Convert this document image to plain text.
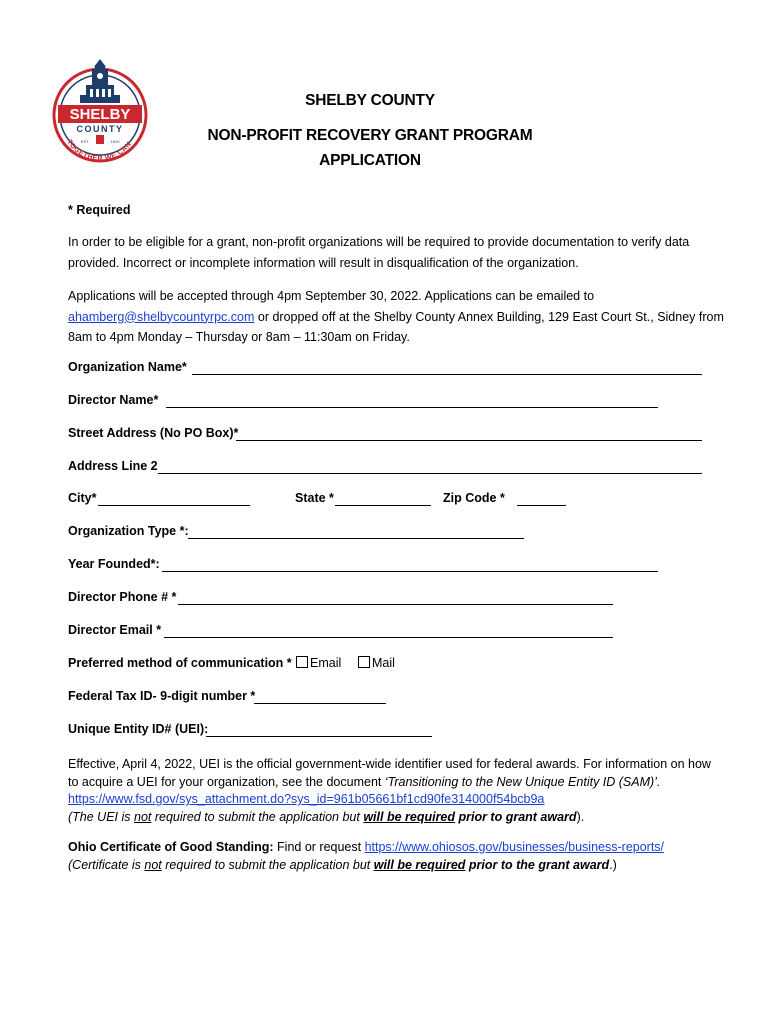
SHELBY
COUNTY
EST.	1819
TOGETHER WE CAN
SHELBY COUNTY
NON-PROFIT RECOVERY GRANT PROGRAM
APPLICATION
* Required
In order to be eligible for a grant, non-profit organizations will be required to provide documentation to verify data provided. Incorrect or incomplete information will result in disqualification of the organization.
Applications will be accepted through 4pm September 30, 2022. Applications can be emailed to ahamberg@shelbycountyrpc.com or dropped off at the Shelby County Annex Building, 129 East Court St., Sidney from 8am to 4pm Monday – Thursday or 8am – 11:30am on Friday.
Organization Name*
Director Name*
Street Address (No PO Box)*
Address Line 2
City*	State *	Zip Code *
Organization Type *:
Year Founded*:
Director Phone # *
Director Email *
Preferred method of communication *	Email	Mail
Federal Tax ID- 9-digit number *
Unique Entity ID# (UEI):
Effective, April 4, 2022, UEI is the official government-wide identifier used for federal awards. For information on how to acquire a UEI for your organization, see the document ‘Transitioning to the New Unique Entity ID (SAM)’.
https://www.fsd.gov/sys_attachment.do?sys_id=961b05661bf1cd90fe314000f54bcb9a
(The UEI is not required to submit the application but will be required prior to grant award).
Ohio Certificate of Good Standing: Find or request https://www.ohiosos.gov/businesses/business-reports/
(Certificate is not required to submit the application but will be required prior to the grant award.)
